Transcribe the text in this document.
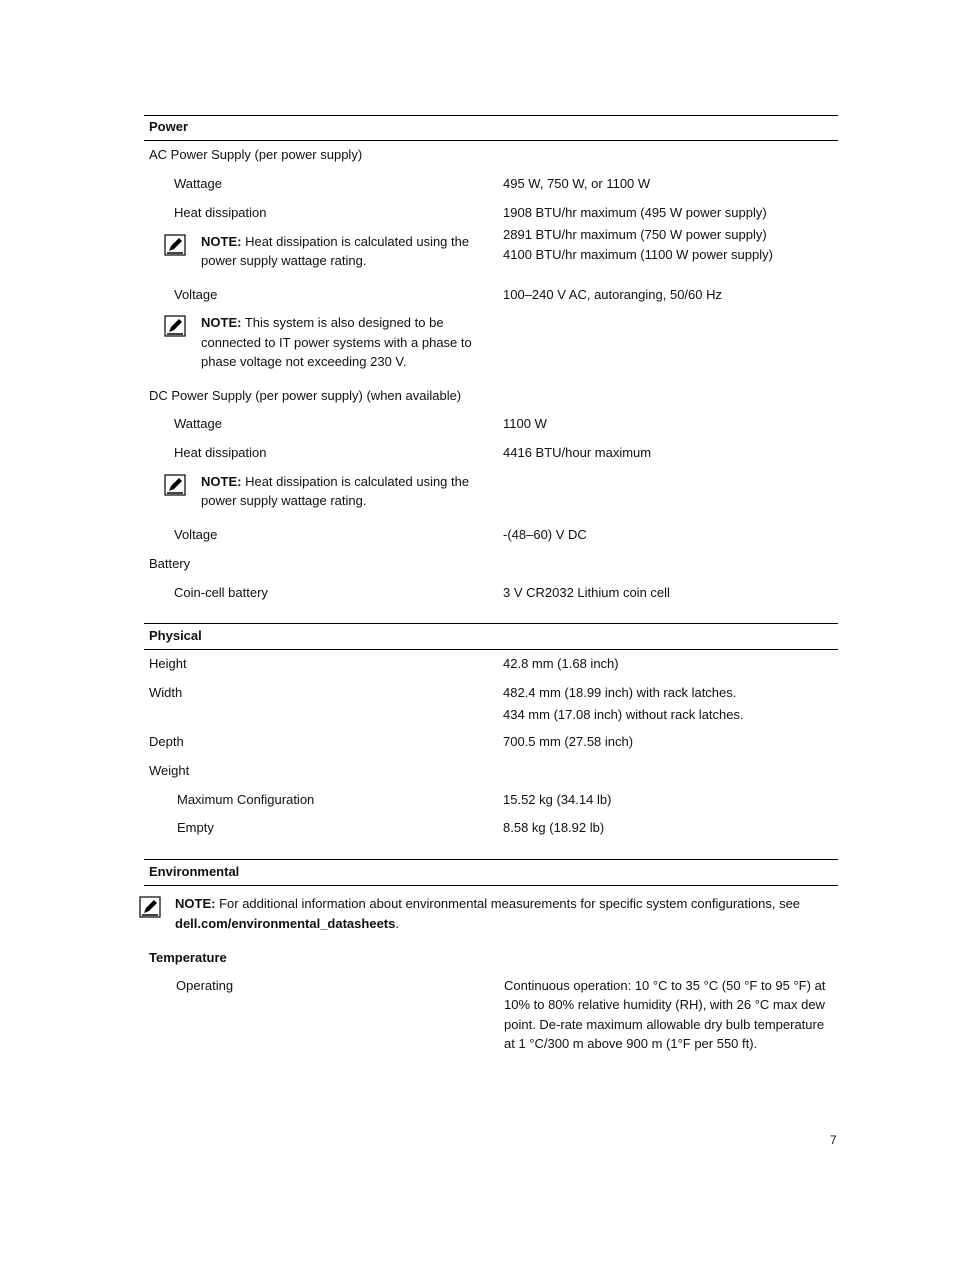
Power
AC Power Supply (per power supply)
Wattage	495 W, 750 W, or 1100 W
Heat dissipation	1908 BTU/hr maximum (495 W power supply)
2891 BTU/hr maximum (750 W power supply)
4100 BTU/hr maximum (1100 W power supply)
NOTE: Heat dissipation is calculated using the
power supply wattage rating.
Voltage	100–240 V AC, autoranging, 50/60 Hz
NOTE: This system is also designed to be
connected to IT power systems with a phase to
phase voltage not exceeding 230 V.
DC Power Supply (per power supply) (when available)
Wattage	1100 W
Heat dissipation	4416 BTU/hour maximum
NOTE: Heat dissipation is calculated using the
power supply wattage rating.
Voltage	-(48–60) V DC
Battery
Coin-cell battery	3 V CR2032 Lithium coin cell
Physical
Height	42.8 mm (1.68 inch)
Width	482.4 mm (18.99 inch) with rack latches.
434 mm (17.08 inch) without rack latches.
Depth	700.5 mm (27.58 inch)
Weight
Maximum Configuration	15.52 kg (34.14 lb)
Empty	8.58 kg (18.92 lb)
Environmental
NOTE: For additional information about environmental measurements for specific system configurations, see
dell.com/environmental_datasheets.
Temperature
Operating	Continuous operation: 10 °C to 35 °C (50 °F to 95 °F) at
10% to 80% relative humidity (RH), with 26 °C max dew
point. De-rate maximum allowable dry bulb temperature
at 1 °C/300 m above 900 m (1°F per 550 ft).
7
